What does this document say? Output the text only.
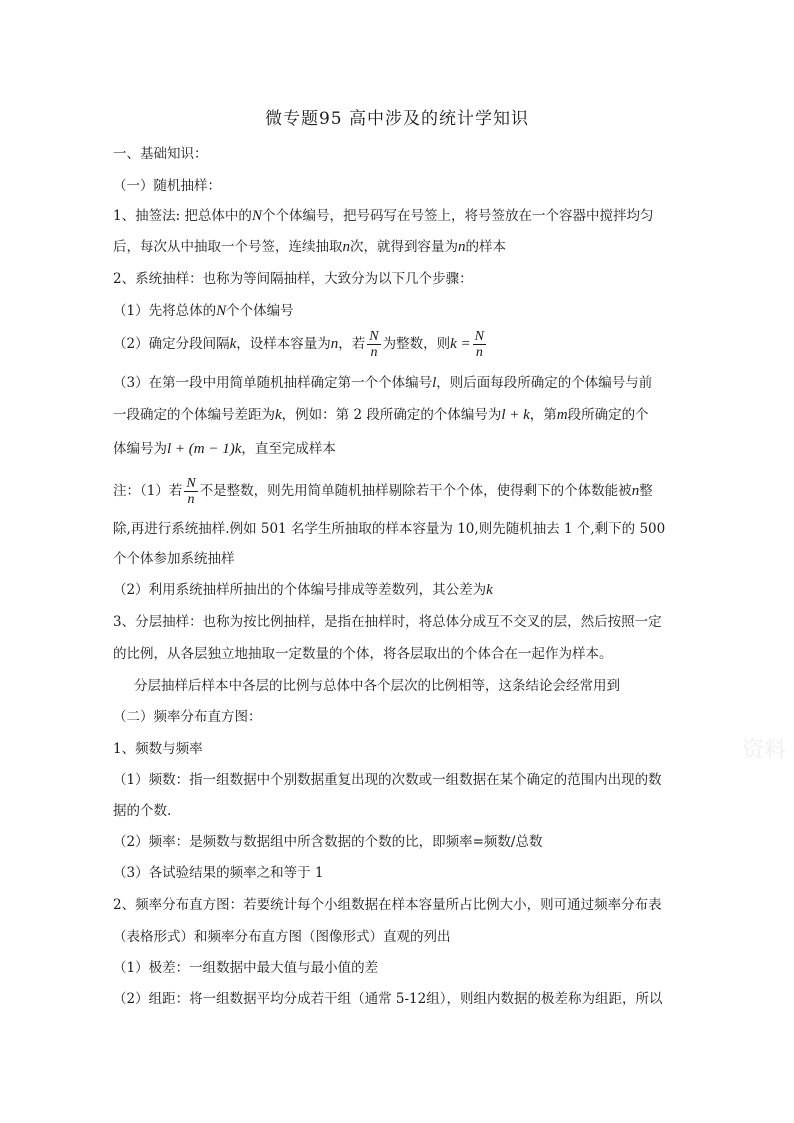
微专题95 高中涉及的统计学知识
一、基础知识：
（一）随机抽样：
1、抽签法: 把总体中的N个个体编号，把号码写在号签上，将号签放在一个容器中搅拌均匀
后，每次从中抽取一个号签，连续抽取n次，就得到容量为n的样本
2、系统抽样：也称为等间隔抽样，大致分为以下几个步骤：
（1）先将总体的N个个体编号
（2）确定分段间隔k，设样本容量为n，若 $\frac{N}{n}$ 为整数，则$k = \frac{N}{n}$
（3）在第一段中用简单随机抽样确定第一个个体编号l，则后面每段所确定的个体编号与前
一段确定的个体编号差距为k，例如：第 2 段所确定的个体编号为l + k，第m段所确定的个
体编号为l + (m − 1)k，直至完成样本
注：（1）若 $\frac{N}{n}$ 不是整数，则先用简单随机抽样剔除若干个个体，使得剩下的个体数能被n整
除,再进行系统抽样.例如 501 名学生所抽取的样本容量为 10,则先随机抽去 1 个,剩下的 500
个个体参加系统抽样
（2）利用系统抽样所抽出的个体编号排成等差数列，其公差为k
3、分层抽样：也称为按比例抽样，是指在抽样时，将总体分成互不交叉的层，然后按照一定
的比例，从各层独立地抽取一定数量的个体，将各层取出的个体合在一起作为样本。
分层抽样后样本中各层的比例与总体中各个层次的比例相等，这条结论会经常用到
（二）频率分布直方图：
1、频数与频率
（1）频数：指一组数据中个别数据重复出现的次数或一组数据在某个确定的范围内出现的数
据的个数.
（2）频率：是频数与数据组中所含数据的个数的比，即频率=频数/总数
（3）各试验结果的频率之和等于 1
2、频率分布直方图：若要统计每个小组数据在样本容量所占比例大小，则可通过频率分布表
（表格形式）和频率分布直方图（图像形式）直观的列出
（1）极差：一组数据中最大值与最小值的差
（2）组距：将一组数据平均分成若干组（通常 5-12组），则组内数据的极差称为组距，所以
资料
